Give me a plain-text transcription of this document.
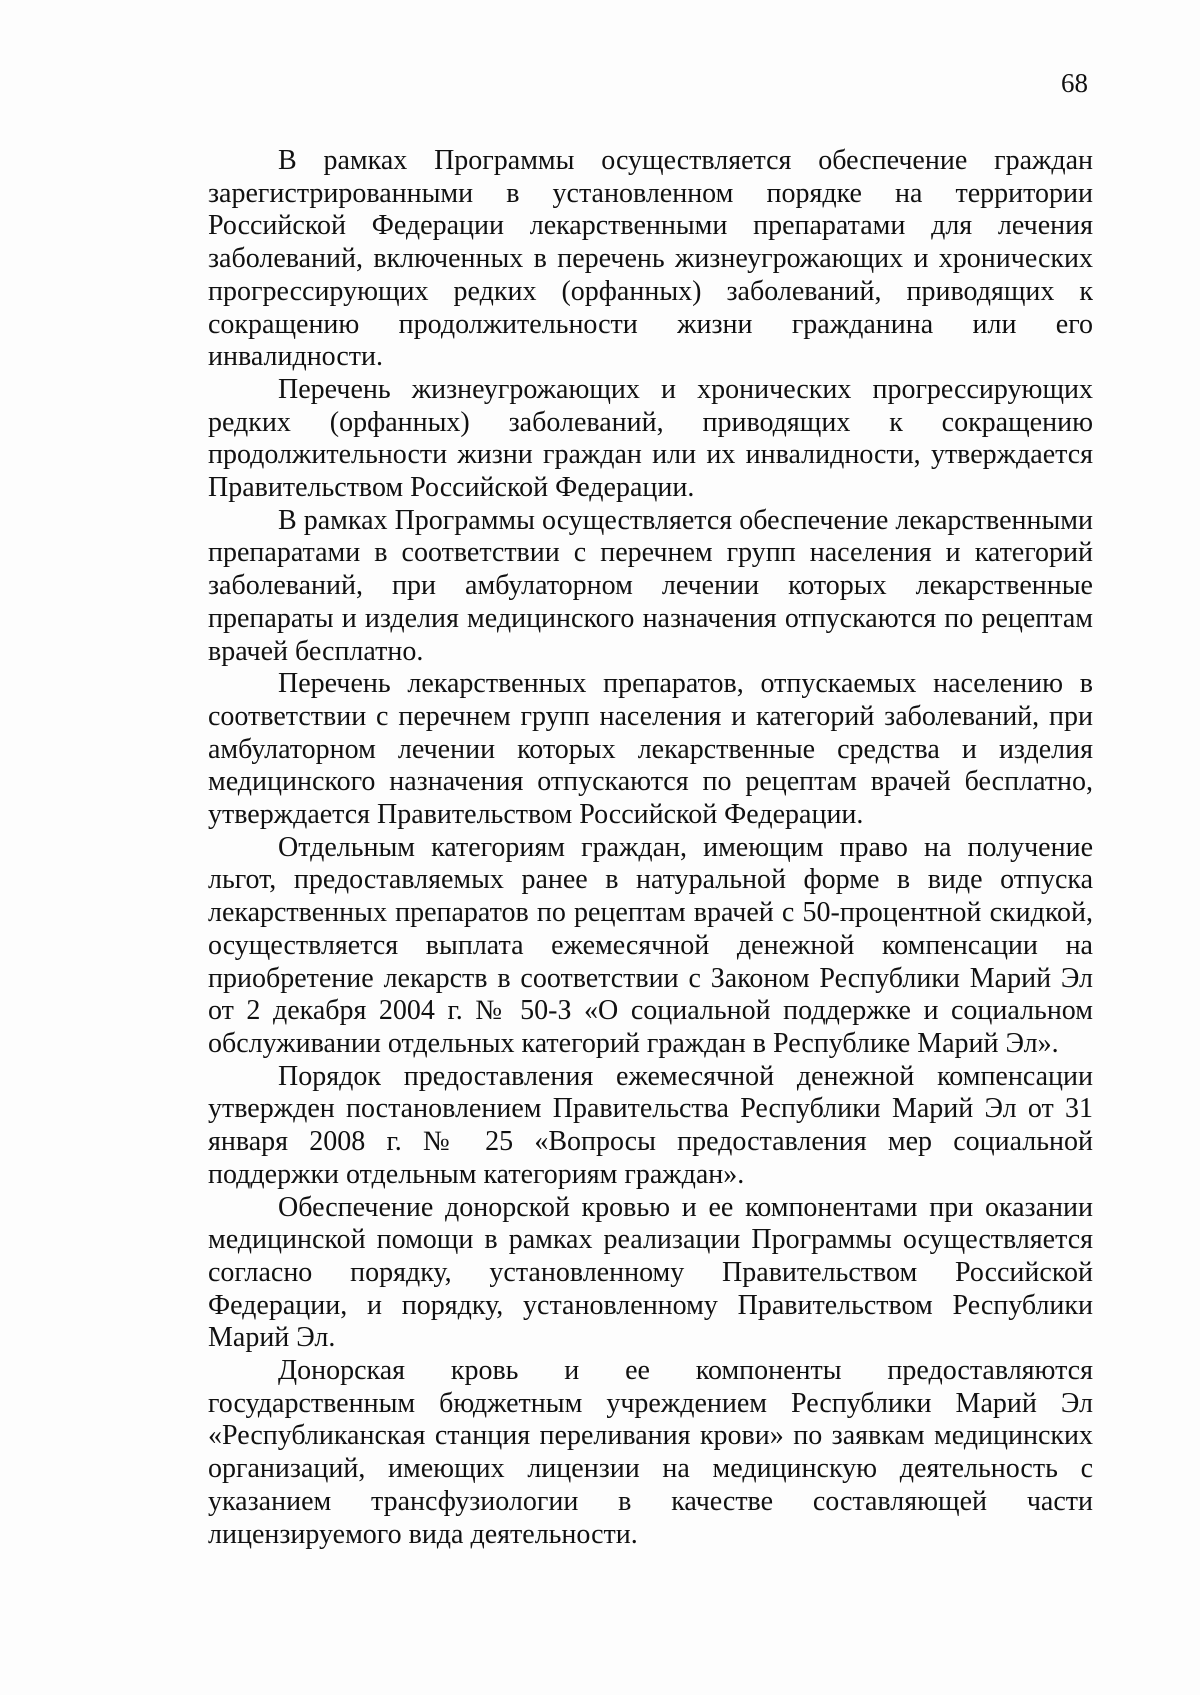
68

В рамках Программы осуществляется обеспечение граждан зарегистрированными в установленном порядке на территории Российской Федерации лекарственными препаратами для лечения заболеваний, включенных в перечень жизнеугрожающих и хронических прогрессирующих редких (орфанных) заболеваний, приводящих к сокращению продолжительности жизни гражданина или его инвалидности.

Перечень жизнеугрожающих и хронических прогрессирующих редких (орфанных) заболеваний, приводящих к сокращению продолжительности жизни граждан или их инвалидности, утверждается Правительством Российской Федерации.

В рамках Программы осуществляется обеспечение лекарственными препаратами в соответствии с перечнем групп населения и категорий заболеваний, при амбулаторном лечении которых лекарственные препараты и изделия медицинского назначения отпускаются по рецептам врачей бесплатно.

Перечень лекарственных препаратов, отпускаемых населению в соответствии с перечнем групп населения и категорий заболеваний, при амбулаторном лечении которых лекарственные средства и изделия медицинского назначения отпускаются по рецептам врачей бесплатно, утверждается Правительством Российской Федерации.

Отдельным категориям граждан, имеющим право на получение льгот, предоставляемых ранее в натуральной форме в виде отпуска лекарственных препаратов по рецептам врачей с 50-процентной скидкой, осуществляется выплата ежемесячной денежной компенсации на приобретение лекарств в соответствии с Законом Республики Марий Эл от 2 декабря 2004 г. № 50-З «О социальной поддержке и социальном обслуживании отдельных категорий граждан в Республике Марий Эл».

Порядок предоставления ежемесячной денежной компенсации утвержден постановлением Правительства Республики Марий Эл от 31 января 2008 г. № 25 «Вопросы предоставления мер социальной поддержки отдельным категориям граждан».

Обеспечение донорской кровью и ее компонентами при оказании медицинской помощи в рамках реализации Программы осуществляется согласно порядку, установленному Правительством Российской Федерации, и порядку, установленному Правительством Республики Марий Эл.

Донорская кровь и ее компоненты предоставляются государственным бюджетным учреждением Республики Марий Эл «Республиканская станция переливания крови» по заявкам медицинских организаций, имеющих лицензии на медицинскую деятельность с указанием трансфузиологии в качестве составляющей части лицензируемого вида деятельности.
